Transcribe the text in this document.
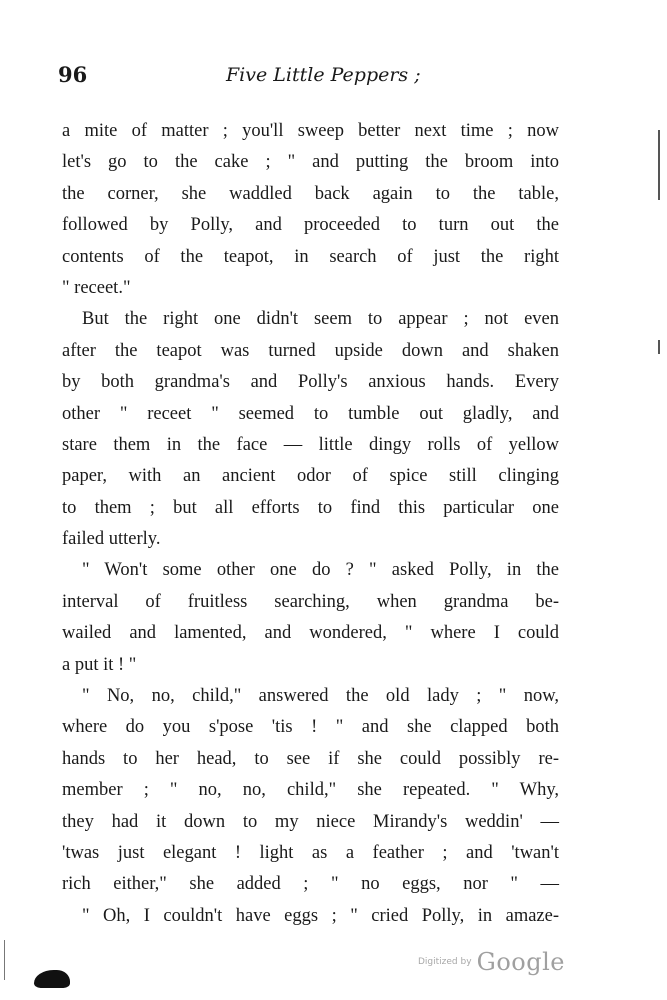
96	Five Little Peppers ;
a mite of matter ; you'll sweep better next time ; now
let's go to the cake ; " and putting the broom into
the corner, she waddled back again to the table,
followed by Polly, and proceeded to turn out the
contents of the teapot, in search of just the right
" receet."
But the right one didn't seem to appear ; not even
after the teapot was turned upside down and shaken
by both grandma's and Polly's anxious hands. Every
other " receet " seemed to tumble out gladly, and
stare them in the face — little dingy rolls of yellow
paper, with an ancient odor of spice still clinging
to them ; but all efforts to find this particular one
failed utterly.
" Won't some other one do ? " asked Polly, in the
interval of fruitless searching, when grandma be-
wailed and lamented, and wondered, " where I could
a put it ! "
" No, no, child," answered the old lady ; " now,
where do you s'pose 'tis ! " and she clapped both
hands to her head, to see if she could possibly re-
member ; " no, no, child," she repeated. " Why,
they had it down to my niece Mirandy's weddin' —
'twas just elegant ! light as a feather ; and 'twan't
rich either," she added ; " no eggs, nor " —
" Oh, I couldn't have eggs ; " cried Polly, in amaze-
Digitized by Google
